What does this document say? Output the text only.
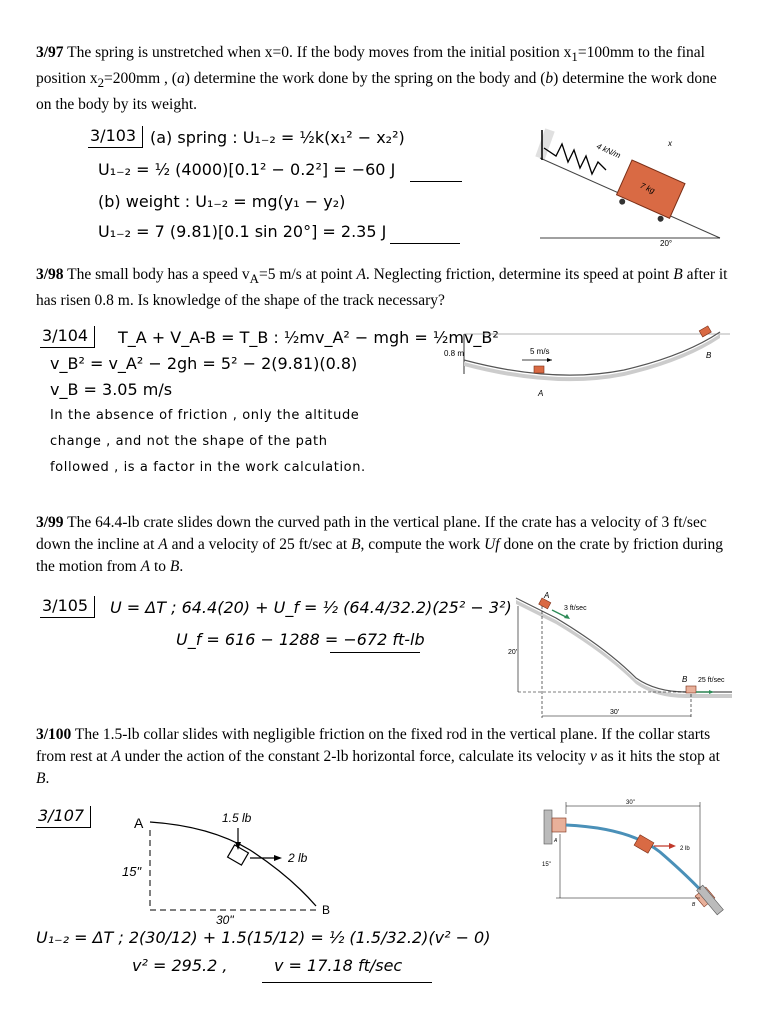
3/97 The spring is unstretched when x=0. If the body moves from the initial position $x_1=100mm$ to the final position $x_2=200mm$ , (a) determine the work done by the spring on the body and (b) determine the work done on the body by its weight.
3/103 (a) spring : U₁₋₂ = ½k(x₁² − x₂²)
U₁₋₂ = ½ (4000)[0.1² − 0.2²] = −60 J
(b) weight : U₁₋₂ = mg(y₁ − y₂)
U₁₋₂ = 7 (9.81)[0.1 sin 20°] = 2.35 J
7 kg
4 kN/m	x
20°
3/98 The small body has a speed $v_A=5$ m/s at point A. Neglecting friction, determine its speed at point B after it has risen 0.8 m. Is knowledge of the shape of the track necessary?
3/104	T_A + V_A-B = T_B : ½mv_A² − mgh = ½mv_B²
v_B² = v_A² − 2gh = 5² − 2(9.81)(0.8)
v_B = 3.05 m/s
In the absence of friction , only the altitude
change , and not the shape of the path
followed , is a factor in the work calculation.
0.8 m	5 m/s
A
B
3/99 The 64.4-lb crate slides down the curved path in the vertical plane. If the crate has a velocity of 3 ft/sec down the incline at A and a velocity of 25 ft/sec at B, compute the work Uf done on the crate by friction during the motion from A to B.
3/105	U = ΔT ; 64.4(20) + U_f = ½ (64.4/32.2)(25² − 3²)
U_f = 616 − 1288 = −672 ft-lb
A
3 ft/sec
20'
B 25 ft/sec
30'
3/100 The 1.5-lb collar slides with negligible friction on the fixed rod in the vertical plane. If the collar starts from rest at A under the action of the constant 2-lb horizontal force, calculate its velocity v as it hits the stop at B.
3/107	A	1.5 lb
2 lb
15"
B
30"
U₁₋₂ = ΔT ; 2(30/12) + 1.5(15/12) = ½ (1.5/32.2)(v² − 0)
v² = 295.2 ,	v = 17.18 ft/sec
30"
15"
2 lb
A
B
